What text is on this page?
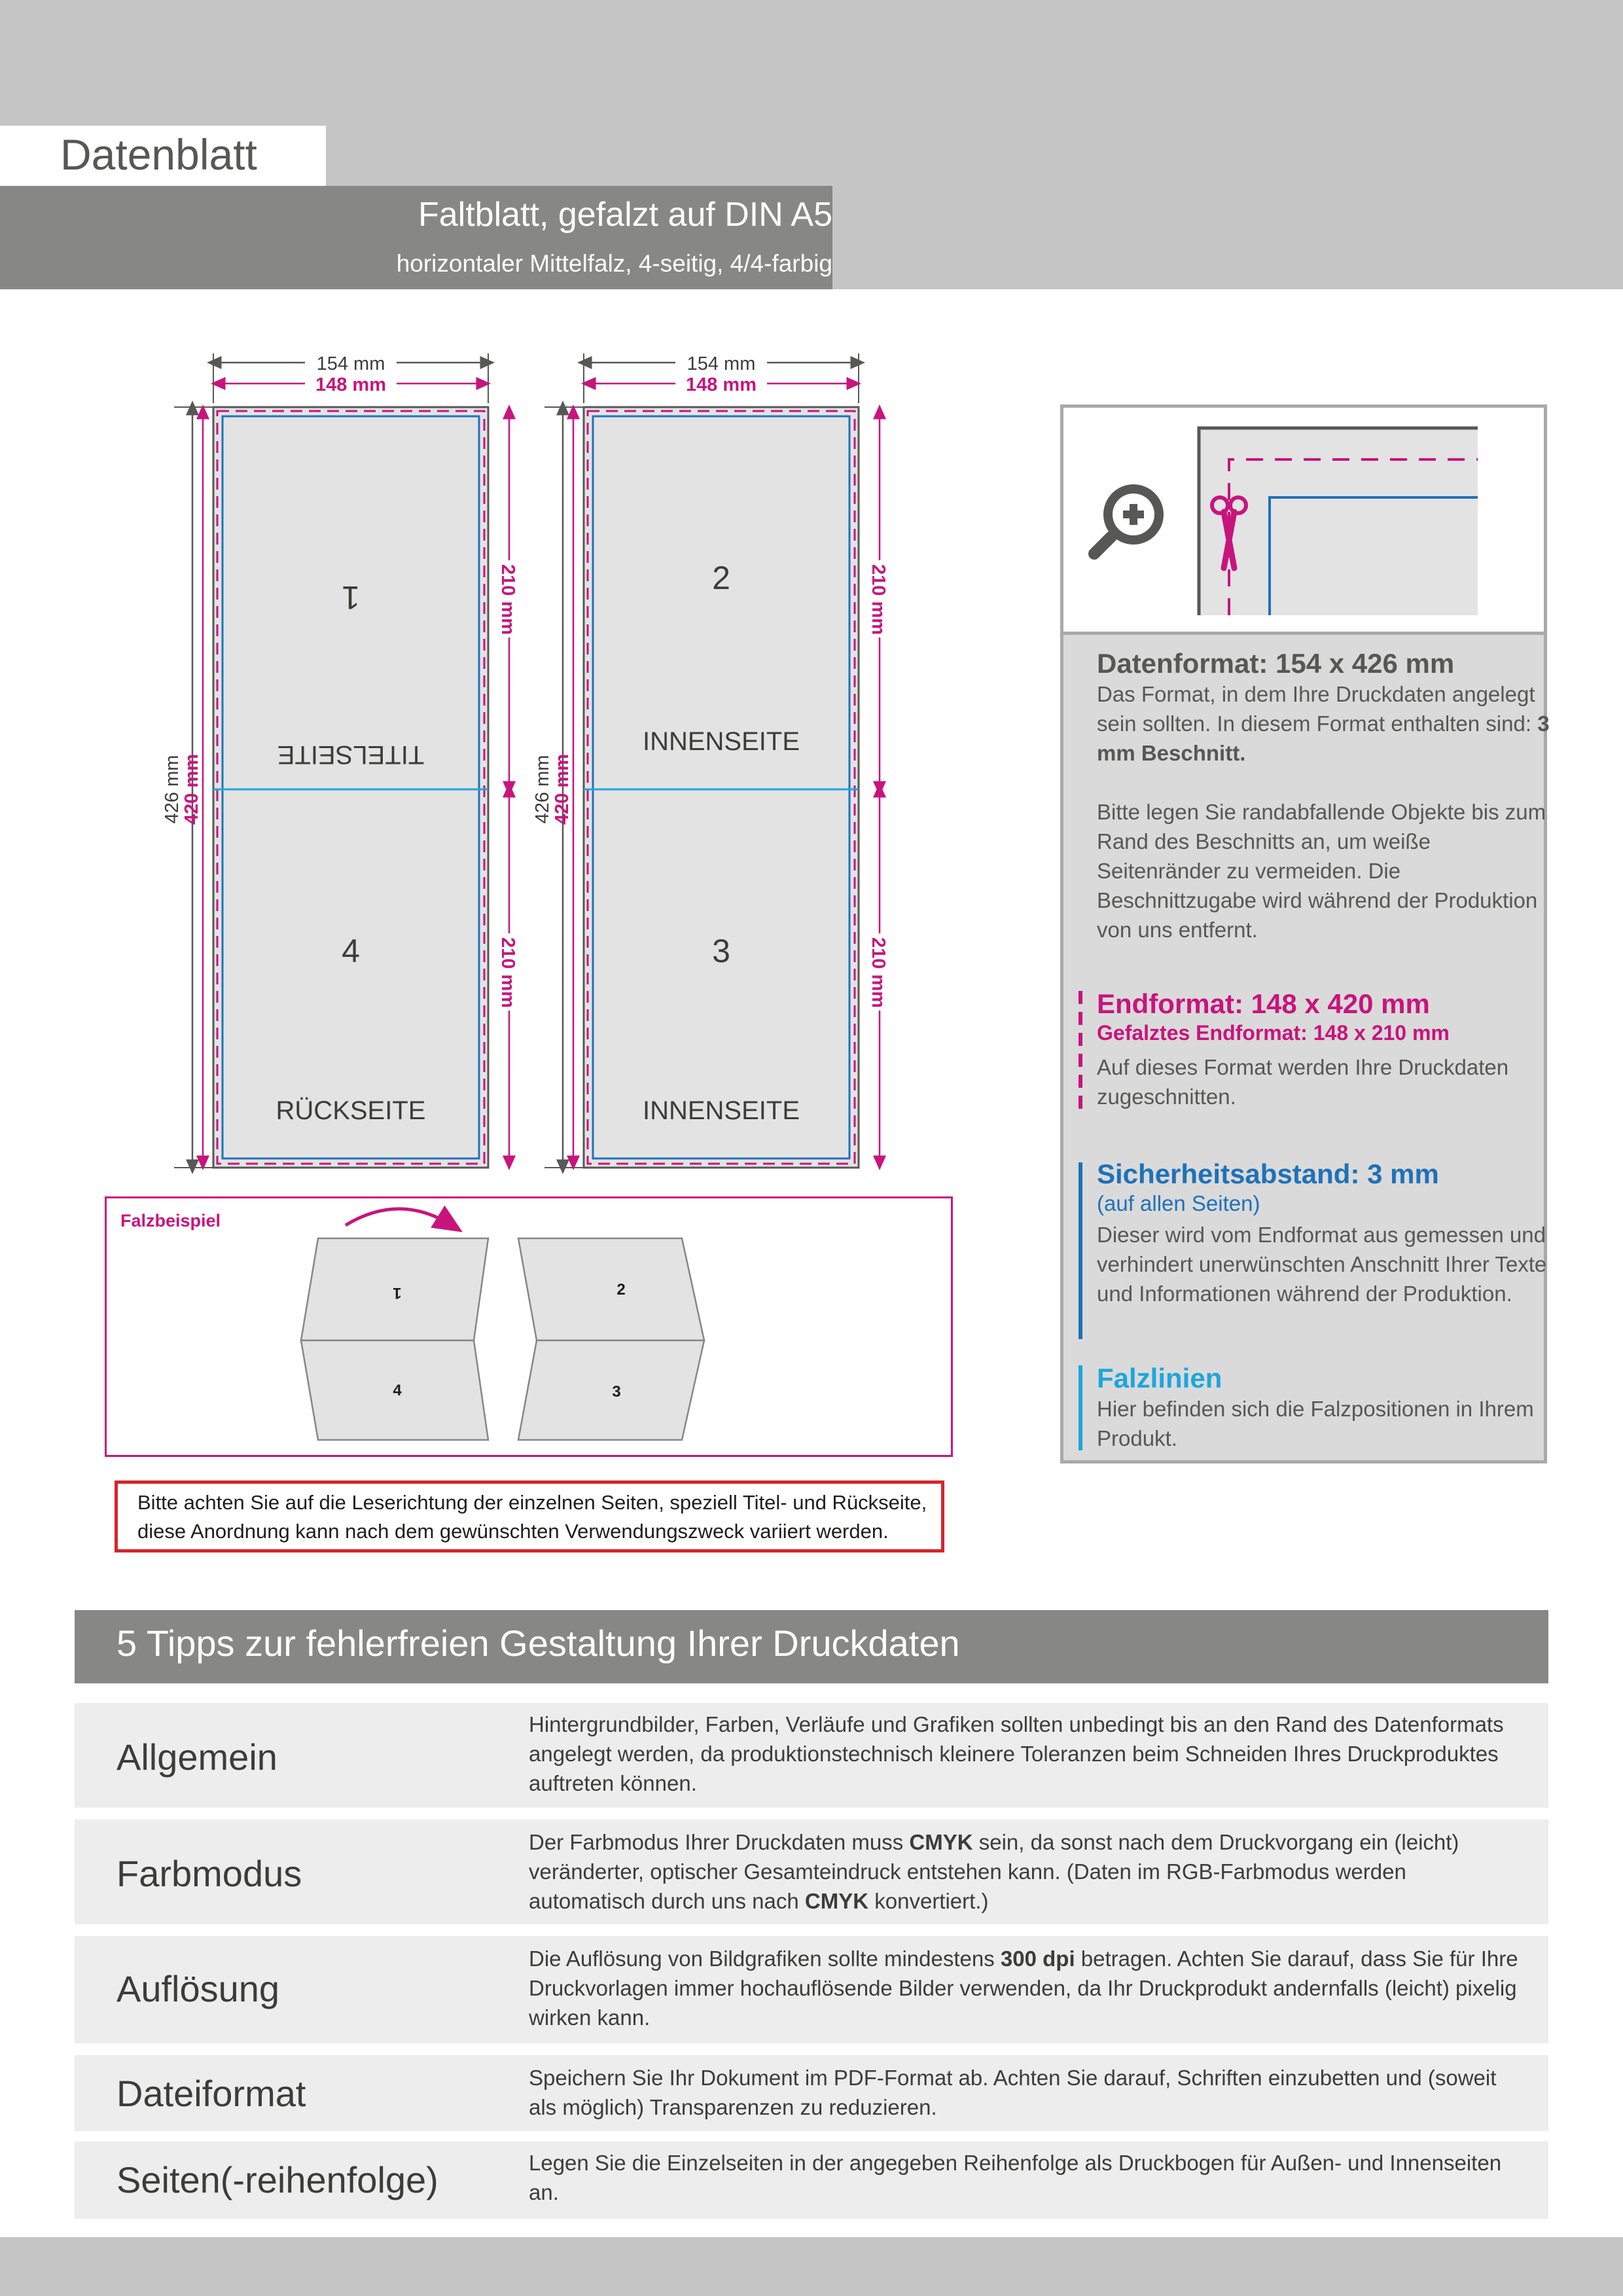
Datenblatt
Faltblatt, gefalzt auf DIN A5
horizontaler Mittelfalz, 4-seitig, 4/4-farbig
154 mm
148 mm
426 mm
420 mm
210 mm
210 mm
1
TITELSEITE
4
RÜCKSEITE
154 mm
148 mm
426 mm
420 mm
210 mm
210 mm
2
INNENSEITE
3
INNENSEITE
Falzbeispiel
1
4
2
3
Bitte achten Sie auf die Leserichtung der einzelnen Seiten, speziell Titel- und Rückseite, diese Anordnung kann nach dem gewünschten Verwendungszweck variiert werden.
Datenformat: 154 x 426 mm
Das Format, in dem Ihre Druckdaten angelegt sein sollten. In diesem Format enthalten sind: 3 mm Beschnitt.
Bitte legen Sie randabfallende Objekte bis zum Rand des Beschnitts an, um weiße Seitenränder zu vermeiden. Die Beschnittzugabe wird während der Produktion von uns entfernt.
Endformat: 148 x 420 mm
Gefalztes Endformat: 148 x 210 mm
Auf dieses Format werden Ihre Druckdaten zugeschnitten.
Sicherheitsabstand: 3 mm
(auf allen Seiten)
Dieser wird vom Endformat aus gemessen und verhindert unerwünschten Anschnitt Ihrer Texte und Informationen während der Produktion.
Falzlinien
Hier befinden sich die Falzpositionen in Ihrem Produkt.
5 Tipps zur fehlerfreien Gestaltung Ihrer Druckdaten
Allgemein
Hintergrundbilder, Farben, Verläufe und Grafiken sollten unbedingt bis an den Rand des Datenformats angelegt werden, da produktionstechnisch kleinere Toleranzen beim Schneiden Ihres Druckproduktes auftreten können.
Farbmodus
Der Farbmodus Ihrer Druckdaten muss CMYK sein, da sonst nach dem Druckvorgang ein (leicht) veränderter, optischer Gesamteindruck entstehen kann. (Daten im RGB-Farbmodus werden automatisch durch uns nach CMYK konvertiert.)
Auflösung
Die Auflösung von Bildgrafiken sollte mindestens 300 dpi betragen. Achten Sie darauf, dass Sie für Ihre Druckvorlagen immer hochauflösende Bilder verwenden, da Ihr Druckprodukt andernfalls (leicht) pixelig wirken kann.
Dateiformat	Speichern Sie Ihr Dokument im PDF-Format ab. Achten Sie darauf, Schriften einzubetten und (soweit als möglich) Transparenzen zu reduzieren.
Seiten(-reihenfolge)	Legen Sie die Einzelseiten in der angegeben Reihenfolge als Druckbogen für Außen- und Innenseiten an.
